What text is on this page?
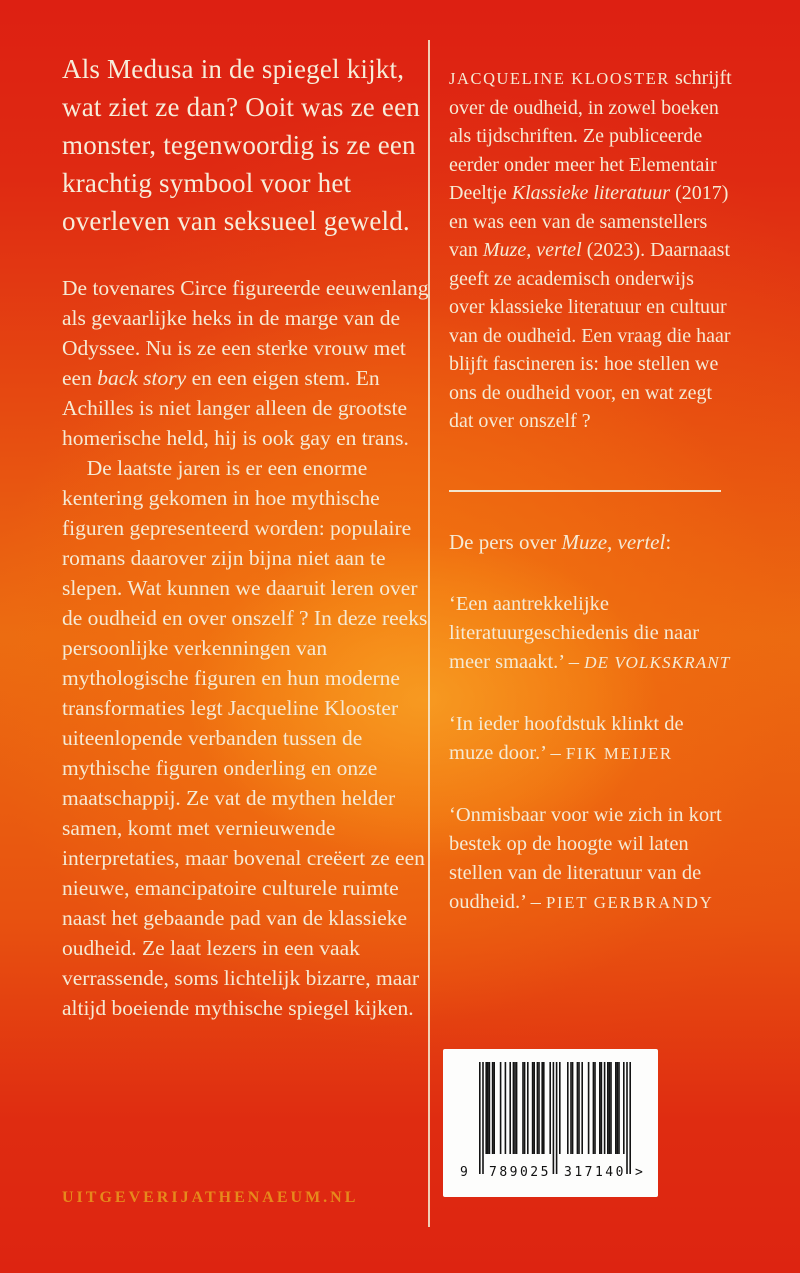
Als Medusa in de spiegel kijkt, wat ziet ze dan? Ooit was ze een monster, tegenwoordig is ze een krachtig symbool voor het overleven van seksueel geweld.

De tovenares Circe figureerde eeuwenlang als gevaarlijke heks in de marge van de Odyssee. Nu is ze een sterke vrouw met een back story en een eigen stem. En Achilles is niet langer alleen de grootste homerische held, hij is ook gay en trans.

De laatste jaren is er een enorme kentering gekomen in hoe mythische figuren gepresenteerd worden: populaire romans daarover zijn bijna niet aan te slepen. Wat kunnen we daaruit leren over de oudheid en over onszelf ? In deze reeks persoonlijke verkenningen van mythologische figuren en hun moderne transformaties legt Jacqueline Klooster uiteenlopende verbanden tussen de mythische figuren onderling en onze maatschappij. Ze vat de mythen helder samen, komt met vernieuwende interpretaties, maar bovenal creëert ze een nieuwe, emancipatoire culturele ruimte naast het gebaande pad van de klassieke oudheid. Ze laat lezers in een vaak verrassende, soms lichtelijk bizarre, maar altijd boeiende mythische spiegel kijken.

UITGEVERIJATHENAEUM.NL

JACQUELINE KLOOSTER schrijft over de oudheid, in zowel boeken als tijdschriften. Ze publiceerde eerder onder meer het Elementair Deeltje Klassieke literatuur (2017) en was een van de samenstellers van Muze, vertel (2023). Daarnaast geeft ze academisch onderwijs over klassieke literatuur en cultuur van de oudheid. Een vraag die haar blijft fascineren is: hoe stellen we ons de oudheid voor, en wat zegt dat over onszelf ?

De pers over Muze, vertel:

‘Een aantrekkelijke literatuurgeschiedenis die naar meer smaakt.’ – DE VOLKSKRANT

‘In ieder hoofdstuk klinkt de muze door.’ – FIK MEIJER

‘Onmisbaar voor wie zich in kort bestek op de hoogte wil laten stellen van de literatuur van de oudheid.’ – PIET GERBRANDY

9 789025 317140 >
